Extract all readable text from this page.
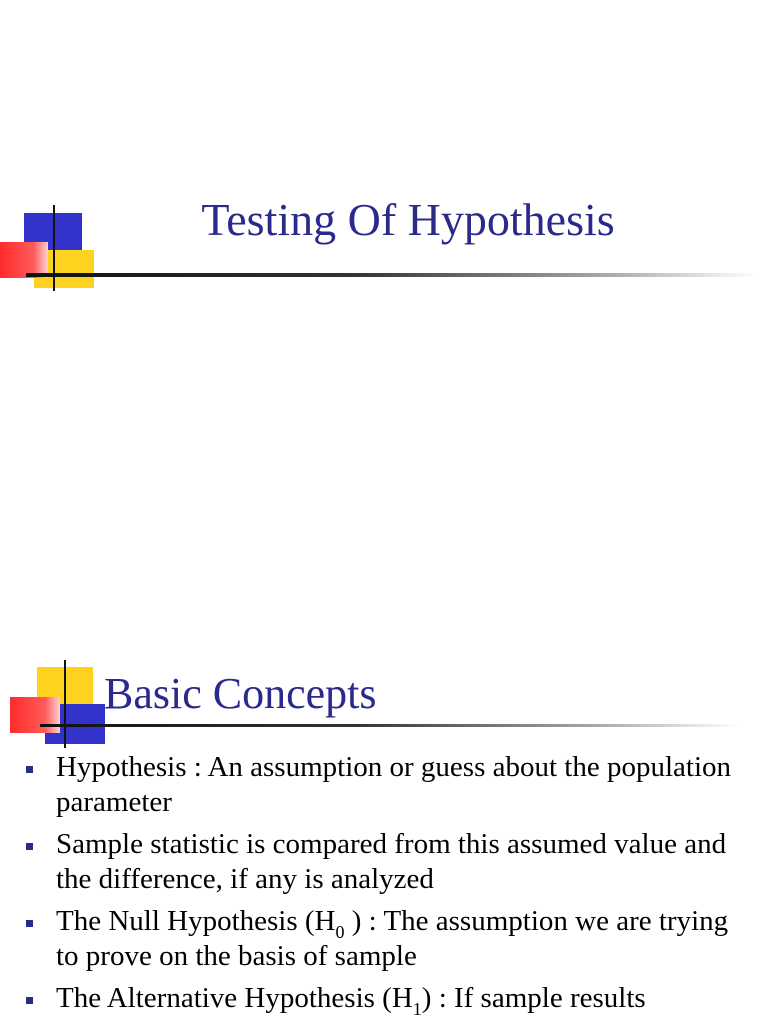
Testing Of Hypothesis
Basic Concepts
Hypothesis : An assumption or guess about the population parameter
Sample statistic is compared from this assumed value and the difference, if any is analyzed
The Null Hypothesis ($H_0$ ) : The assumption we are trying to prove on the basis of sample
The Alternative Hypothesis $(H_1)$ : If sample results
